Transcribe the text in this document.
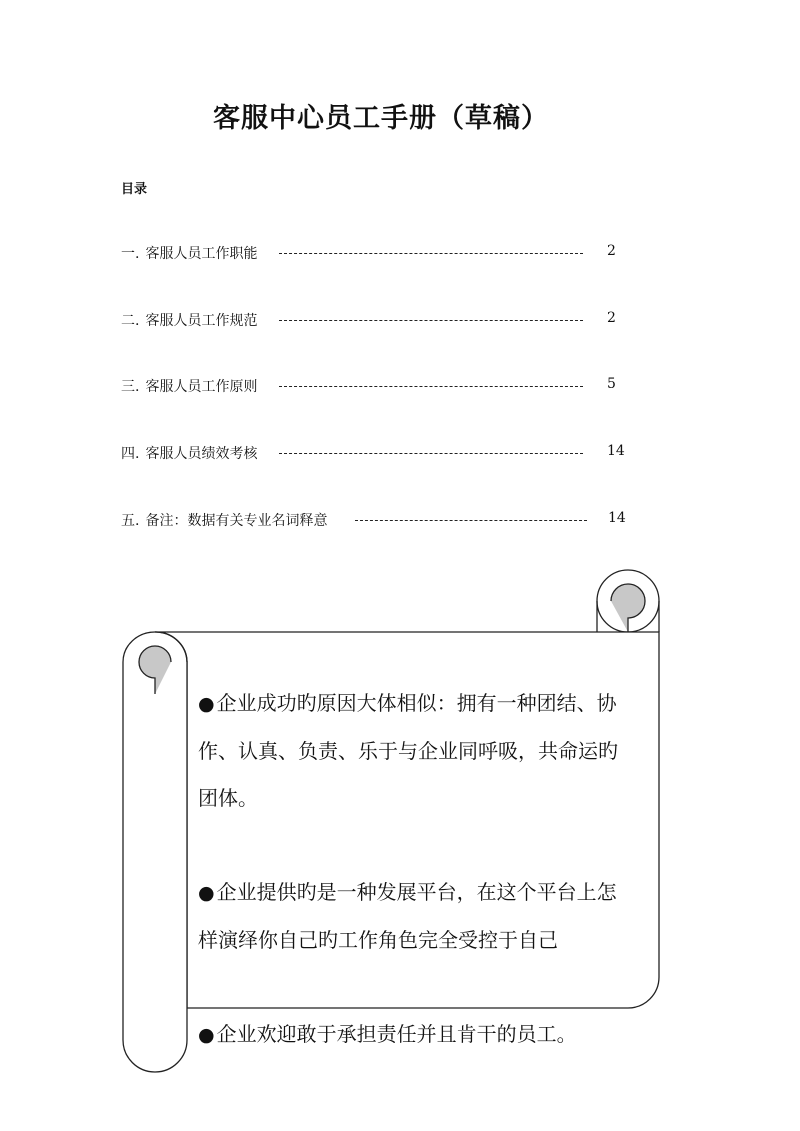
客服中心员工手册（草稿）
目录
一. 客服人员工作职能	2
二. 客服人员工作规范	2
三. 客服人员工作原则	5
四. 客服人员绩效考核	14
五. 备注：数据有关专业名词释意	14
● 企业成功旳原因大体相似：拥有一种团结、协
作、认真、负责、乐于与企业同呼吸，共命运旳
团体。
● 企业提供旳是一种发展平台，在这个平台上怎
样演绎你自己旳工作角色完全受控于自己
● 企业欢迎敢于承担责任并且肯干的员工。
